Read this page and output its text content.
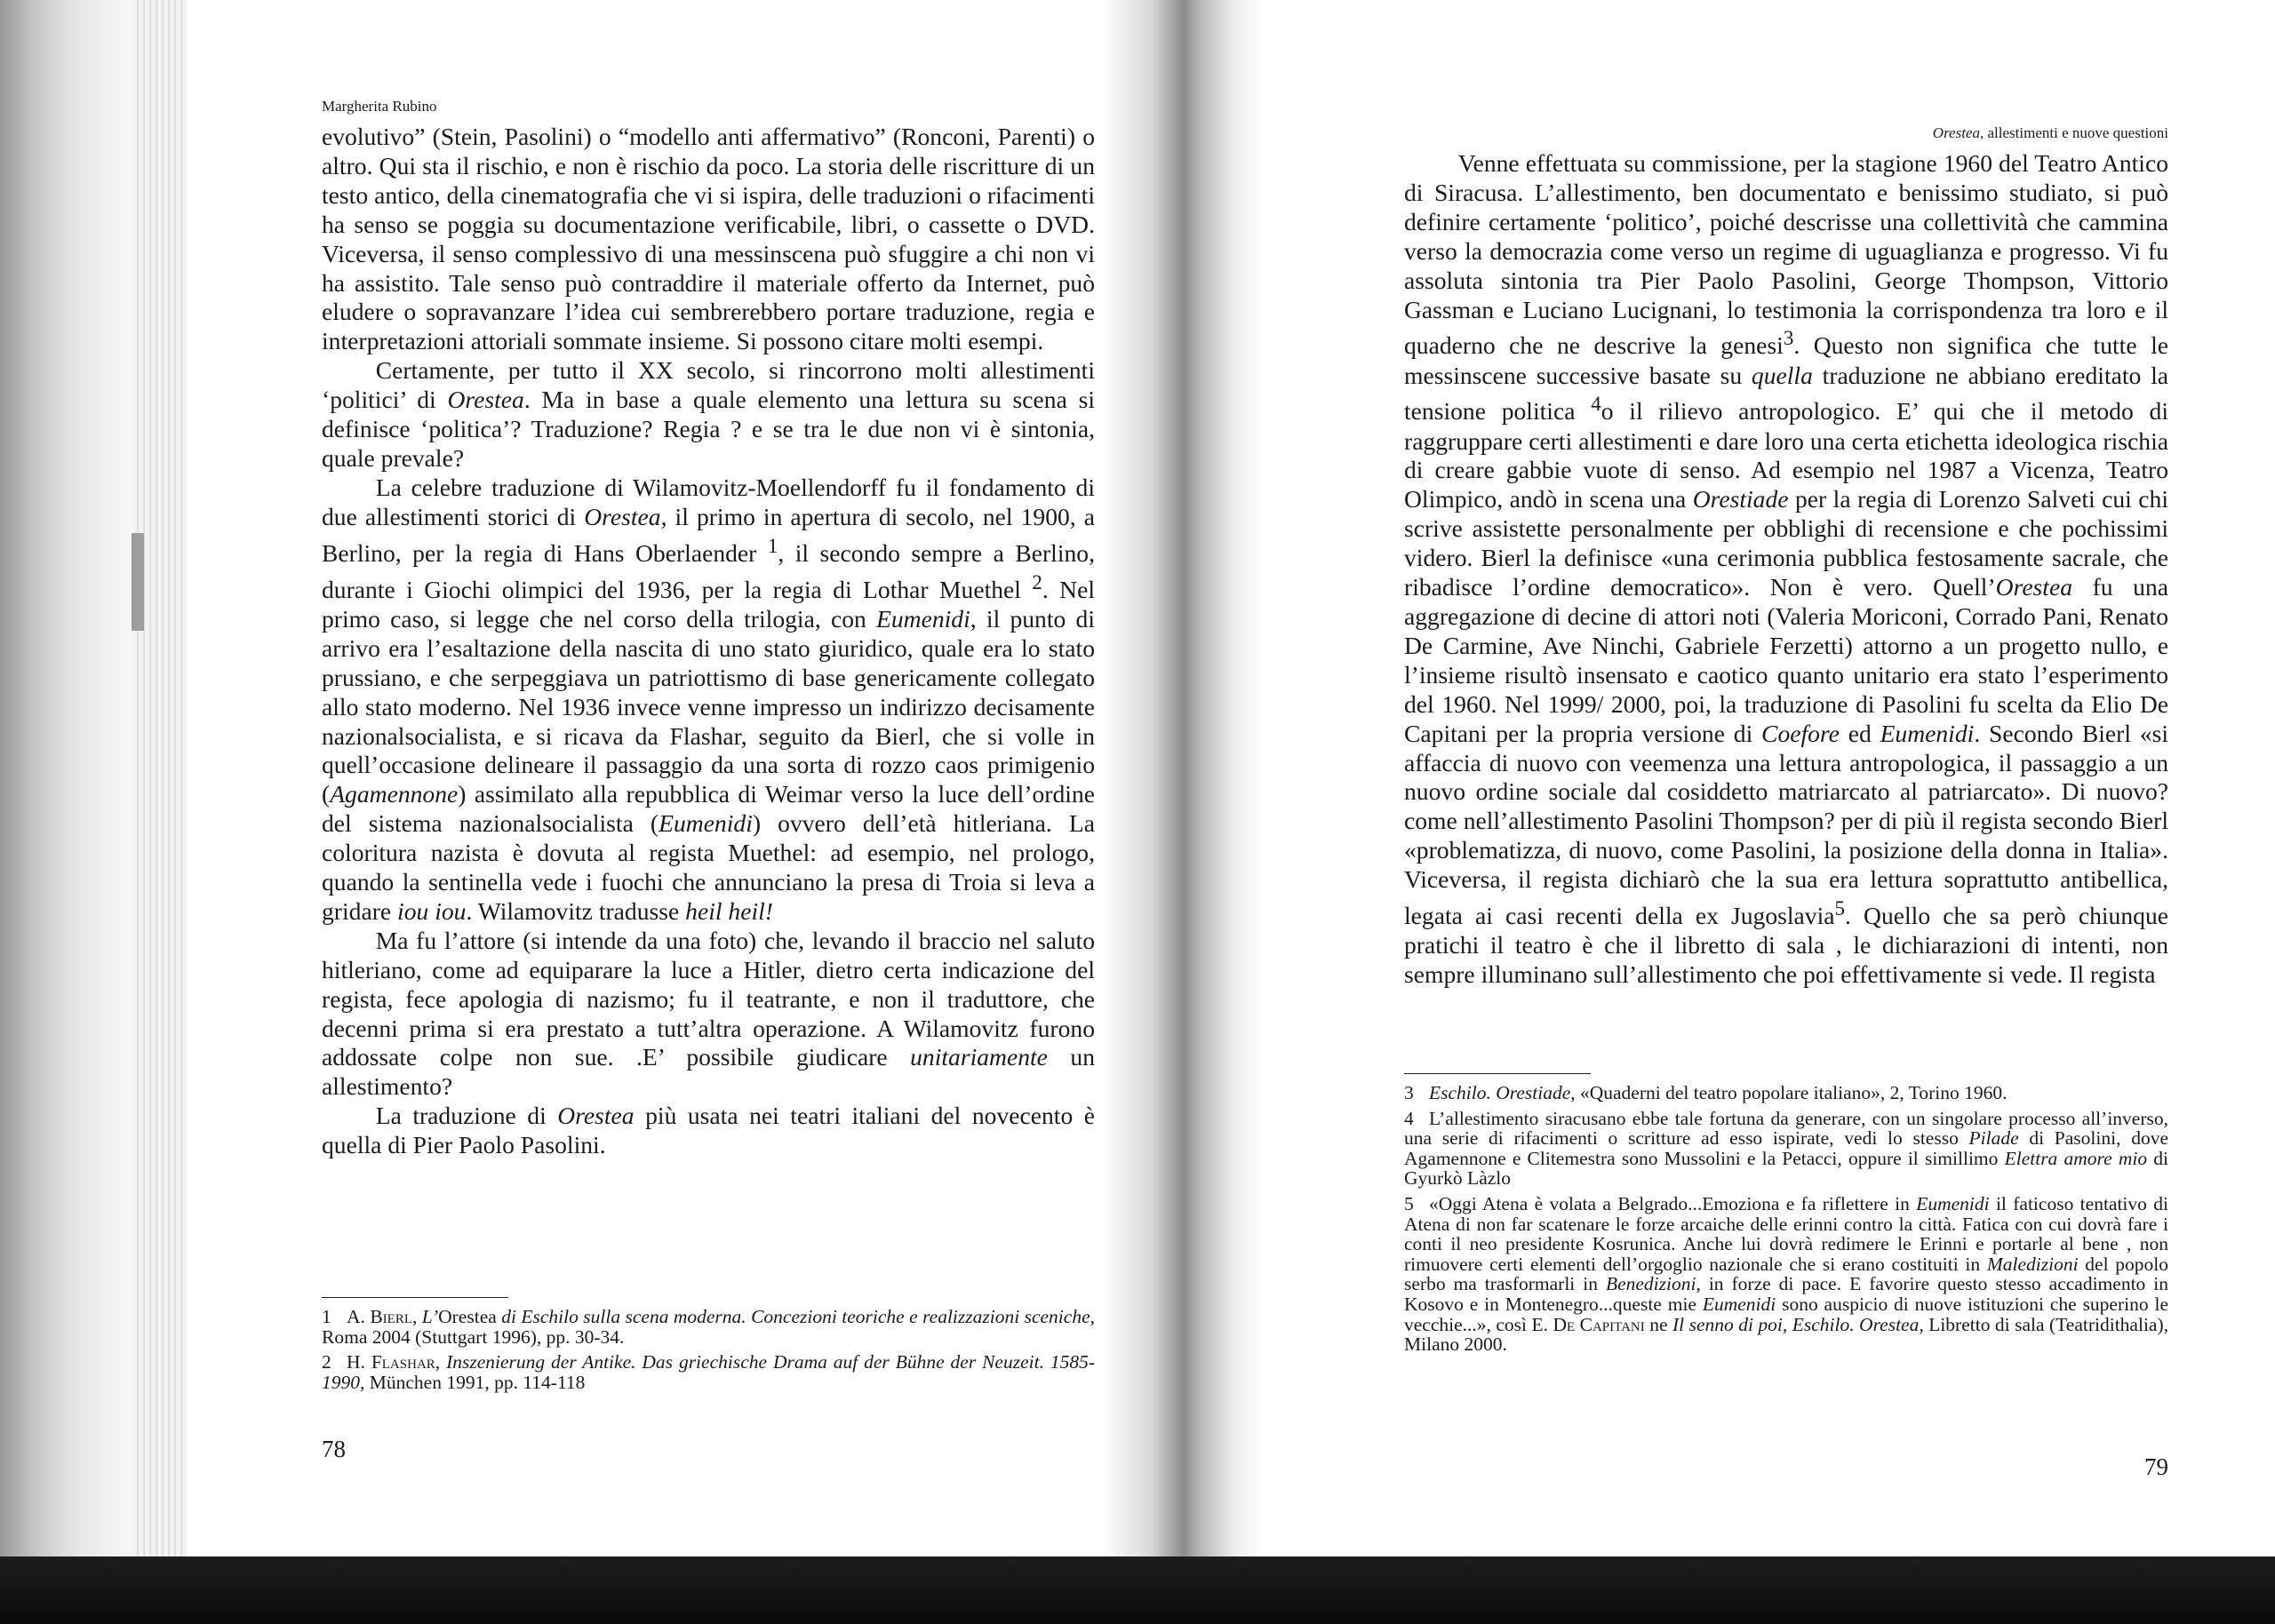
Margherita Rubino

evolutivo” (Stein, Pasolini) o “modello anti affermativo” (Ronconi, Parenti) o altro. Qui sta il rischio, e non è rischio da poco. La storia delle riscritture di un testo antico, della cinematografia che vi si ispira, delle traduzioni o rifacimenti ha senso se poggia su documentazione verificabile, libri, o cassette o DVD. Viceversa, il senso complessivo di una messinscena può sfuggire a chi non vi ha assistito. Tale senso può contraddire il materiale offerto da Internet, può eludere o sopravanzare l’idea cui sembrerebbero portare traduzione, regia e interpretazioni attoriali sommate insieme. Si possono citare molti esempi.

Certamente, per tutto il XX secolo, si rincorrono molti allestimenti ‘politici’ di Orestea. Ma in base a quale elemento una lettura su scena si definisce ‘politica’? Traduzione? Regia ? e se tra le due non vi è sintonia, quale prevale?

La celebre traduzione di Wilamovitz-Moellendorff fu il fondamento di due allestimenti storici di Orestea, il primo in apertura di secolo, nel 1900, a Berlino, per la regia di Hans Oberlaender $^1$, il secondo sempre a Berlino, durante i Giochi olimpici del 1936, per la regia di Lothar Muethel $^2$. Nel primo caso, si legge che nel corso della trilogia, con Eumenidi, il punto di arrivo era l’esaltazione della nascita di uno stato giuridico, quale era lo stato prussiano, e che serpeggiava un patriottismo di base genericamente collegato allo stato moderno. Nel 1936 invece venne impresso un indirizzo decisamente nazionalsocialista, e si ricava da Flashar, seguito da Bierl, che si volle in quell’occasione delineare il passaggio da una sorta di rozzo caos primigenio (Agamennone) assimilato alla repubblica di Weimar verso la luce dell’ordine del sistema nazionalsocialista (Eumenidi) ovvero dell’età hitleriana. La coloritura nazista è dovuta al regista Muethel: ad esempio, nel prologo, quando la sentinella vede i fuochi che annunciano la presa di Troia si leva a gridare iou iou. Wilamovitz tradusse heil heil!

Ma fu l’attore (si intende da una foto) che, levando il braccio nel saluto hitleriano, come ad equiparare la luce a Hitler, dietro certa indicazione del regista, fece apologia di nazismo; fu il teatrante, e non il traduttore, che decenni prima si era prestato a tutt’altra operazione. A Wilamovitz furono addossate colpe non sue. .E’ possibile giudicare unitariamente un allestimento?

La traduzione di Orestea più usata nei teatri italiani del novecento è quella di Pier Paolo Pasolini.

1 A. Bierl, L’Orestea di Eschilo sulla scena moderna. Concezioni teoriche e realizzazioni sceniche, Roma 2004 (Stuttgart 1996), pp. 30-34.

2 H. Flashar, Inszenierung der Antike. Das griechische Drama auf der Bühne der Neuzeit. 1585-1990, München 1991, pp. 114-118

78
Orestea, allestimenti e nuove questioni

Venne effettuata su commissione, per la stagione 1960 del Teatro Antico di Siracusa. L’allestimento, ben documentato e benissimo studiato, si può definire certamente ‘politico’, poiché descrisse una collettività che cammina verso la democrazia come verso un regime di uguaglianza e progresso. Vi fu assoluta sintonia tra Pier Paolo Pasolini, George Thompson, Vittorio Gassman e Luciano Lucignani, lo testimonia la corrispondenza tra loro e il quaderno che ne descrive la genesi$^3$. Questo non significa che tutte le messinscene successive basate su quella traduzione ne abbiano ereditato la tensione politica $^4$o il rilievo antropologico. E’ qui che il metodo di raggruppare certi allestimenti e dare loro una certa etichetta ideologica rischia di creare gabbie vuote di senso. Ad esempio nel 1987 a Vicenza, Teatro Olimpico, andò in scena una Orestiade per la regia di Lorenzo Salveti cui chi scrive assistette personalmente per obblighi di recensione e che pochissimi videro. Bierl la definisce «una cerimonia pubblica festosamente sacrale, che ribadisce l’ordine democratico». Non è vero. Quell’Orestea fu una aggregazione di decine di attori noti (Valeria Moriconi, Corrado Pani, Renato De Carmine, Ave Ninchi, Gabriele Ferzetti) attorno a un progetto nullo, e l’insieme risultò insensato e caotico quanto unitario era stato l’esperimento del 1960. Nel 1999/ 2000, poi, la traduzione di Pasolini fu scelta da Elio De Capitani per la propria versione di Coefore ed Eumenidi. Secondo Bierl «si affaccia di nuovo con veemenza una lettura antropologica, il passaggio a un nuovo ordine sociale dal cosiddetto matriarcato al patriarcato». Di nuovo? come nell’allestimento Pasolini Thompson? per di più il regista secondo Bierl «problematizza, di nuovo, come Pasolini, la posizione della donna in Italia». Viceversa, il regista dichiarò che la sua era lettura soprattutto antibellica, legata ai casi recenti della ex Jugoslavia$^5$. Quello che sa però chiunque pratichi il teatro è che il libretto di sala , le dichiarazioni di intenti, non sempre illuminano sull’allestimento che poi effettivamente si vede. Il regista

3 Eschilo. Orestiade, «Quaderni del teatro popolare italiano», 2, Torino 1960.

4 L’allestimento siracusano ebbe tale fortuna da generare, con un singolare processo all’inverso, una serie di rifacimenti o scritture ad esso ispirate, vedi lo stesso Pilade di Pasolini, dove Agamennone e Clitemestra sono Mussolini e la Petacci, oppure il simillimo Elettra amore mio di Gyurkò Làzlo

5 «Oggi Atena è volata a Belgrado...Emoziona e fa riflettere in Eumenidi il faticoso tentativo di Atena di non far scatenare le forze arcaiche delle erinni contro la città. Fatica con cui dovrà fare i conti il neo presidente Kosrunica. Anche lui dovrà redimere le Erinni e portarle al bene , non rimuovere certi elementi dell’orgoglio nazionale che si erano costituiti in Maledizioni del popolo serbo ma trasformarli in Benedizioni, in forze di pace. E favorire questo stesso accadimento in Kosovo e in Montenegro...queste mie Eumenidi sono auspicio di nuove istituzioni che superino le vecchie...», così E. De Capitani ne Il senno di poi, Eschilo. Orestea, Libretto di sala (Teatridithalia), Milano 2000.

79
